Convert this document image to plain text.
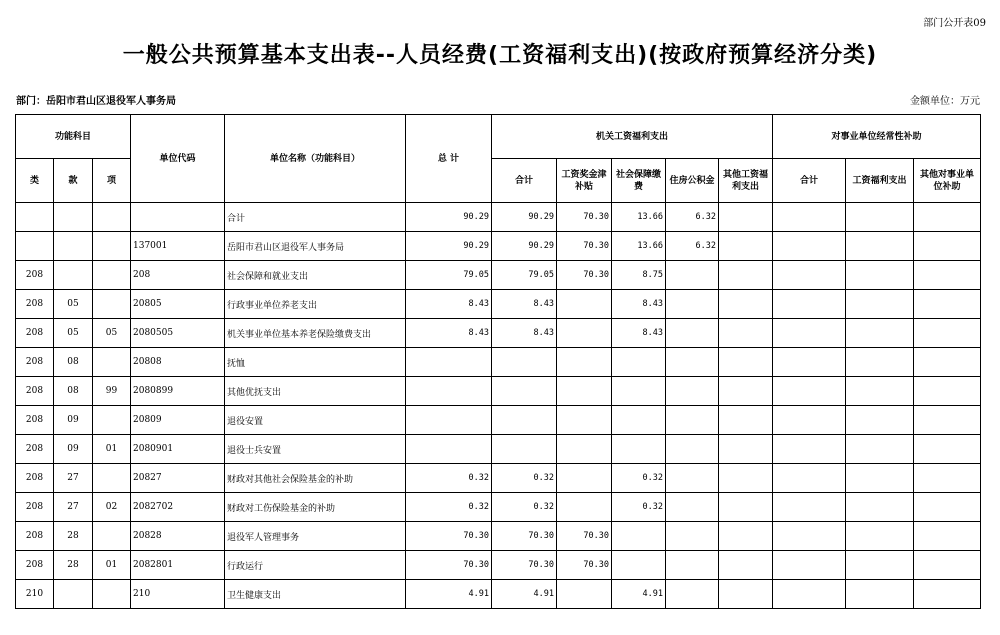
部门公开表09
一般公共预算基本支出表--人员经费(工资福利支出)(按政府预算经济分类)
部门：岳阳市君山区退役军人事务局	金额单位：万元
功能科目			单位代码	单位名称（功能科目）	总 计	机关工资福利支出					对事业单位经常性补助		

类	款	项				合计	工资奖金津补贴	社会保障缴费	住房公积金	其他工资福利支出	合计	工资福利支出	其他对事业单位补助
				合计	90.29	90.29	70.30	13.66	6.32				
			137001	岳阳市君山区退役军人事务局	90.29	90.29	70.30	13.66	6.32				
208			208	社会保障和就业支出	79.05	79.05	70.30	8.75					
208	05		20805	行政事业单位养老支出	8.43	8.43		8.43					
208	05	05	2080505	机关事业单位基本养老保险缴费支出	8.43	8.43		8.43					
208	08		20808	抚恤									
208	08	99	2080899	其他优抚支出									
208	09		20809	退役安置									
208	09	01	2080901	退役士兵安置									
208	27		20827	财政对其他社会保险基金的补助	0.32	0.32		0.32					
208	27	02	2082702	财政对工伤保险基金的补助	0.32	0.32		0.32					
208	28		20828	退役军人管理事务	70.30	70.30	70.30						
208	28	01	2082801	行政运行	70.30	70.30	70.30						
210			210	卫生健康支出	4.91	4.91		4.91					
